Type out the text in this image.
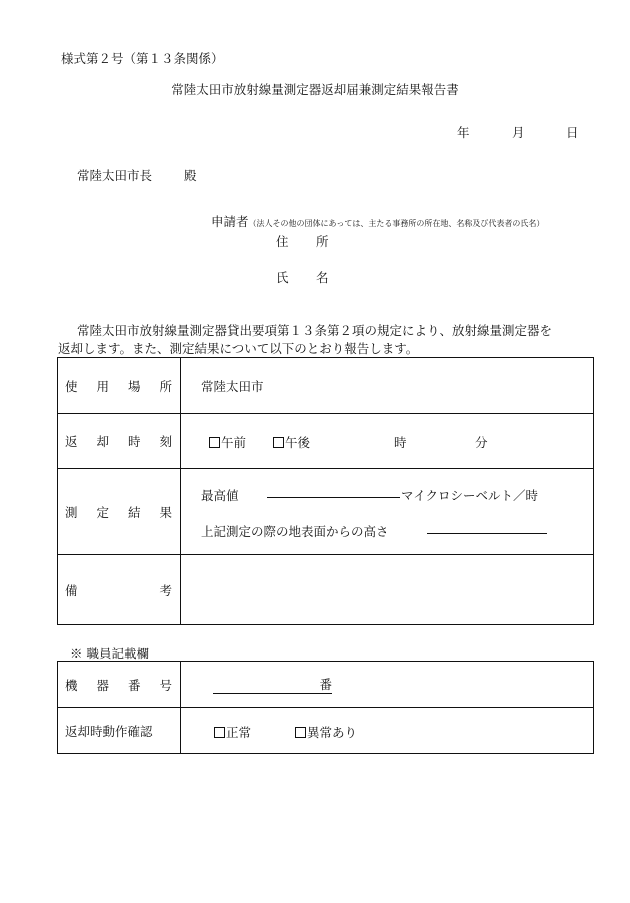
様式第２号（第１３条関係）
常陸太田市放射線量測定器返却届兼測定結果報告書
年	月	日
常陸太田市長	殿
申請者（法人その他の団体にあっては、主たる事務所の所在地、名称及び代表者の氏名）
住 所
氏 名
常陸太田市放射線量測定器貸出要項第１３条第２項の規定により、放射線量測定器を
返却します。また、測定結果について以下のとおり報告します。
使 用 場 所	常陸太田市

返 却 時 刻	午前 午後 時 分

測 定 結 果	最高値 マイクロシーベルト／時
上記測定の際の地表面からの高さ

備 考	

※ 職員記載欄
機 器 番 号	番
返却時動作確認	正常 異常あり
